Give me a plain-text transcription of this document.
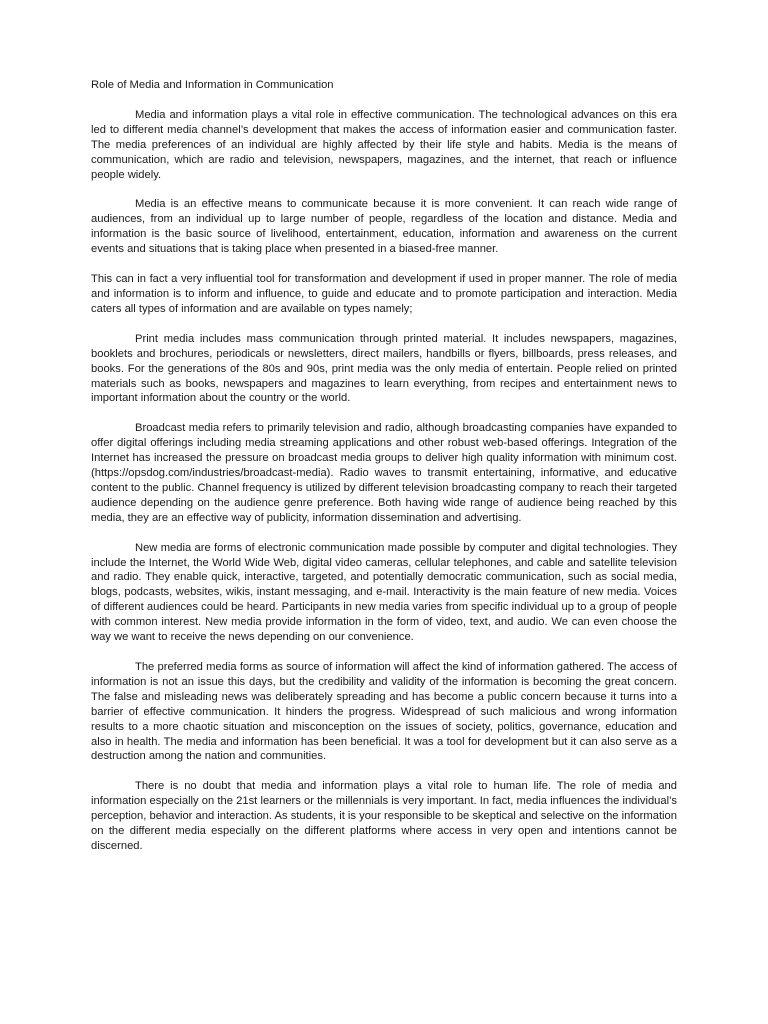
Role of Media and Information in Communication

Media and information plays a vital role in effective communication. The technological advances on this era led to different media channel’s development that makes the access of information easier and communication faster. The media preferences of an individual are highly affected by their life style and habits. Media is the means of communication, which are radio and television, newspapers, magazines, and the internet, that reach or influence people widely.

Media is an effective means to communicate because it is more convenient. It can reach wide range of audiences, from an individual up to large number of people, regardless of the location and distance. Media and information is the basic source of livelihood, entertainment, education, information and awareness on the current events and situations that is taking place when presented in a biased-free manner.

This can in fact a very influential tool for transformation and development if used in proper manner. The role of media and information is to inform and influence, to guide and educate and to promote participation and interaction. Media caters all types of information and are available on types namely;

Print media includes mass communication through printed material. It includes newspapers, magazines, booklets and brochures, periodicals or newsletters, direct mailers, handbills or flyers, billboards, press releases, and books. For the generations of the 80s and 90s, print media was the only media of entertain. People relied on printed materials such as books, newspapers and magazines to learn everything, from recipes and entertainment news to important information about the country or the world.

Broadcast media refers to primarily television and radio, although broadcasting companies have expanded to offer digital offerings including media streaming applications and other robust web-based offerings. Integration of the Internet has increased the pressure on broadcast media groups to deliver high quality information with minimum cost. (https://opsdog.com/industries/broadcast-media). Radio waves to transmit entertaining, informative, and educative content to the public. Channel frequency is utilized by different television broadcasting company to reach their targeted audience depending on the audience genre preference. Both having wide range of audience being reached by this media, they are an effective way of publicity, information dissemination and advertising.

New media are forms of electronic communication made possible by computer and digital technologies. They include the Internet, the World Wide Web, digital video cameras, cellular telephones, and cable and satellite television and radio. They enable quick, interactive, targeted, and potentially democratic communication, such as social media, blogs, podcasts, websites, wikis, instant messaging, and e-mail. Interactivity is the main feature of new media. Voices of different audiences could be heard. Participants in new media varies from specific individual up to a group of people with common interest. New media provide information in the form of video, text, and audio. We can even choose the way we want to receive the news depending on our convenience.

The preferred media forms as source of information will affect the kind of information gathered. The access of information is not an issue this days, but the credibility and validity of the information is becoming the great concern. The false and misleading news was deliberately spreading and has become a public concern because it turns into a barrier of effective communication. It hinders the progress. Widespread of such malicious and wrong information results to a more chaotic situation and misconception on the issues of society, politics, governance, education and also in health. The media and information has been beneficial. It was a tool for development but it can also serve as a destruction among the nation and communities.

There is no doubt that media and information plays a vital role to human life. The role of media and information especially on the 21st learners or the millennials is very important. In fact, media influences the individual’s perception, behavior and interaction. As students, it is your responsible to be skeptical and selective on the information on the different media especially on the different platforms where access in very open and intentions cannot be discerned.
